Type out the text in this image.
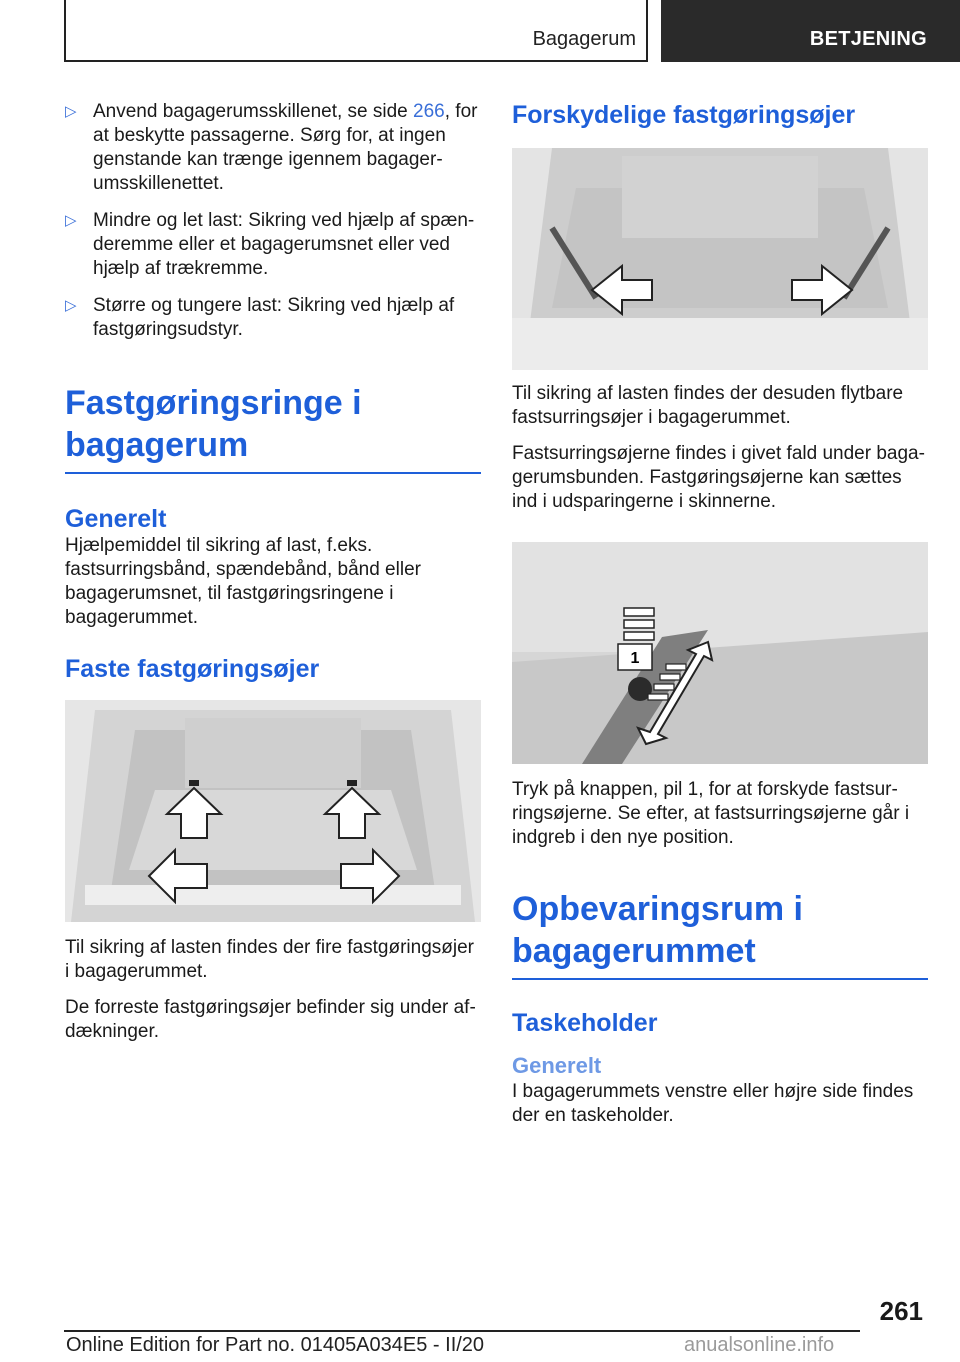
Bagagerum	BETJENING
▷ Anvend bagagerumsskillenet, se side 266, for at beskytte passagerne. Sørg for, at ingen genstande kan trænge igennem bagagerumsskillenettet.
▷ Mindre og let last: Sikring ved hjælp af spænderemme eller et bagagerumsnet eller ved hjælp af trækremme.
▷ Større og tungere last: Sikring ved hjælp af fastgøringsudstyr.
Fastgøringsringe i bagagerum
Generelt

Hjælpemiddel til sikring af last, f.eks. fastsurringsbånd, spændebånd, bånd eller bagagerumsnet, til fastgøringsringene i bagagerummet.

Faste fastgøringsøjer

Til sikring af lasten findes der fire fastgøringsøjer i bagagerummet.

De forreste fastgøringsøjer befinder sig under afdækninger.

Forskydelige fastgøringsøjer

Til sikring af lasten findes der desuden flytbare fastsurringsøjer i bagagerummet.

Fastsurringsøjerne findes i givet fald under bagagerumsbunden. Fastgøringsøjerne kan sættes ind i udsparingerne i skinnerne.

1

Tryk på knappen, pil 1, for at forskyde fastsurringsøjerne. Se efter, at fastsurringsøjerne går i indgreb i den nye position.

Opbevaringsrum i bagagerummet
Taskeholder
Generelt

I bagagerummets venstre eller højre side findes der en taskeholder.

261
Online Edition for Part no. 01405A034E5 - II/20	anualsonline.info
